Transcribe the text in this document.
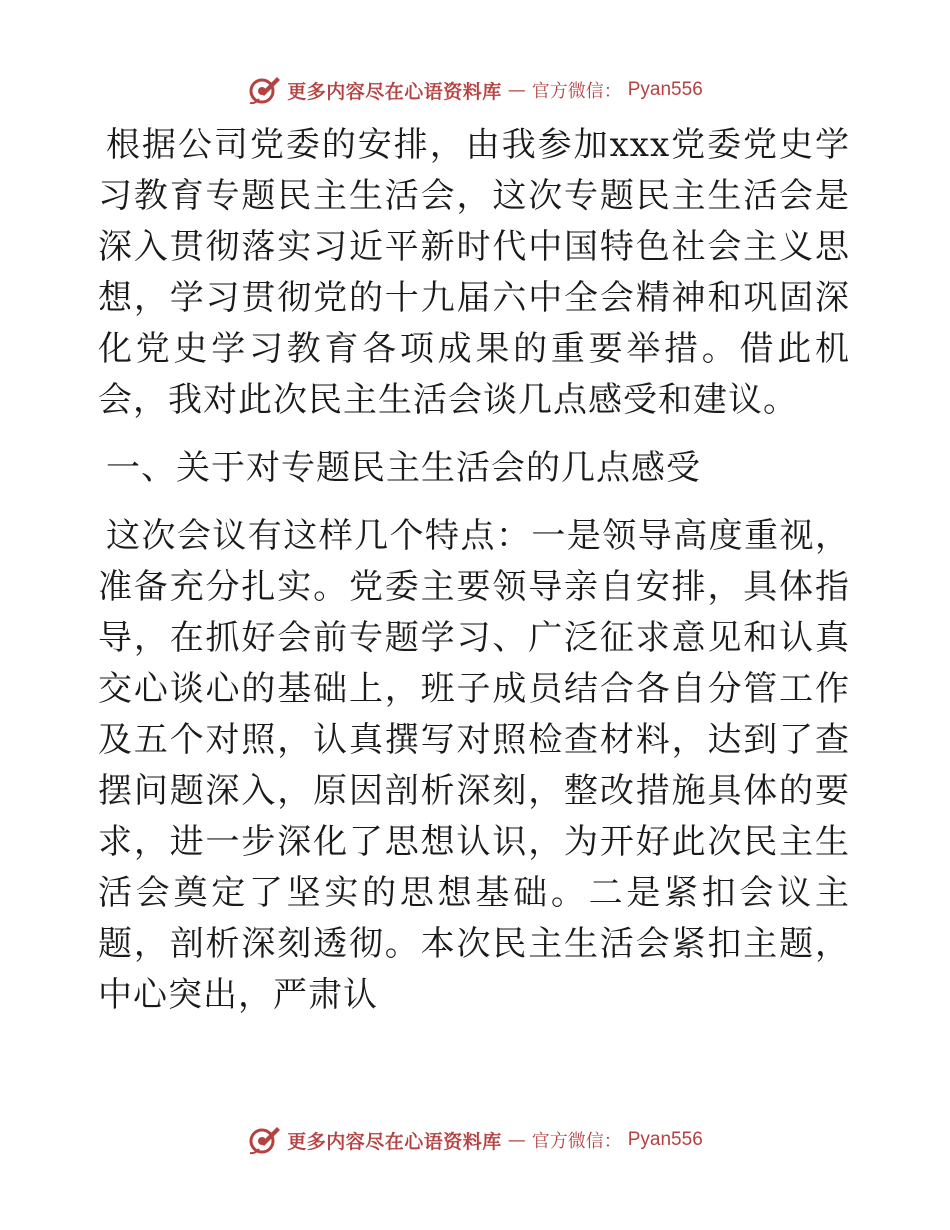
更多内容尽在心语资料库 — 官方微信： Pyan556

根据公司党委的安排，由我参加xxx党委党史学习教育专题民主生活会，这次专题民主生活会是深入贯彻落实习近平新时代中国特色社会主义思想，学习贯彻党的十九届六中全会精神和巩固深化党史学习教育各项成果的重要举措。借此机会，我对此次民主生活会谈几点感受和建议。

一、关于对专题民主生活会的几点感受

这次会议有这样几个特点：一是领导高度重视，准备充分扎实。党委主要领导亲自安排，具体指导，在抓好会前专题学习、广泛征求意见和认真交心谈心的基础上，班子成员结合各自分管工作及五个对照，认真撰写对照检查材料，达到了查摆问题深入，原因剖析深刻，整改措施具体的要求，进一步深化了思想认识，为开好此次民主生活会奠定了坚实的思想基础。二是紧扣会议主题，剖析深刻透彻。本次民主生活会紧扣主题，中心突出，严肃认

更多内容尽在心语资料库 — 官方微信： Pyan556
